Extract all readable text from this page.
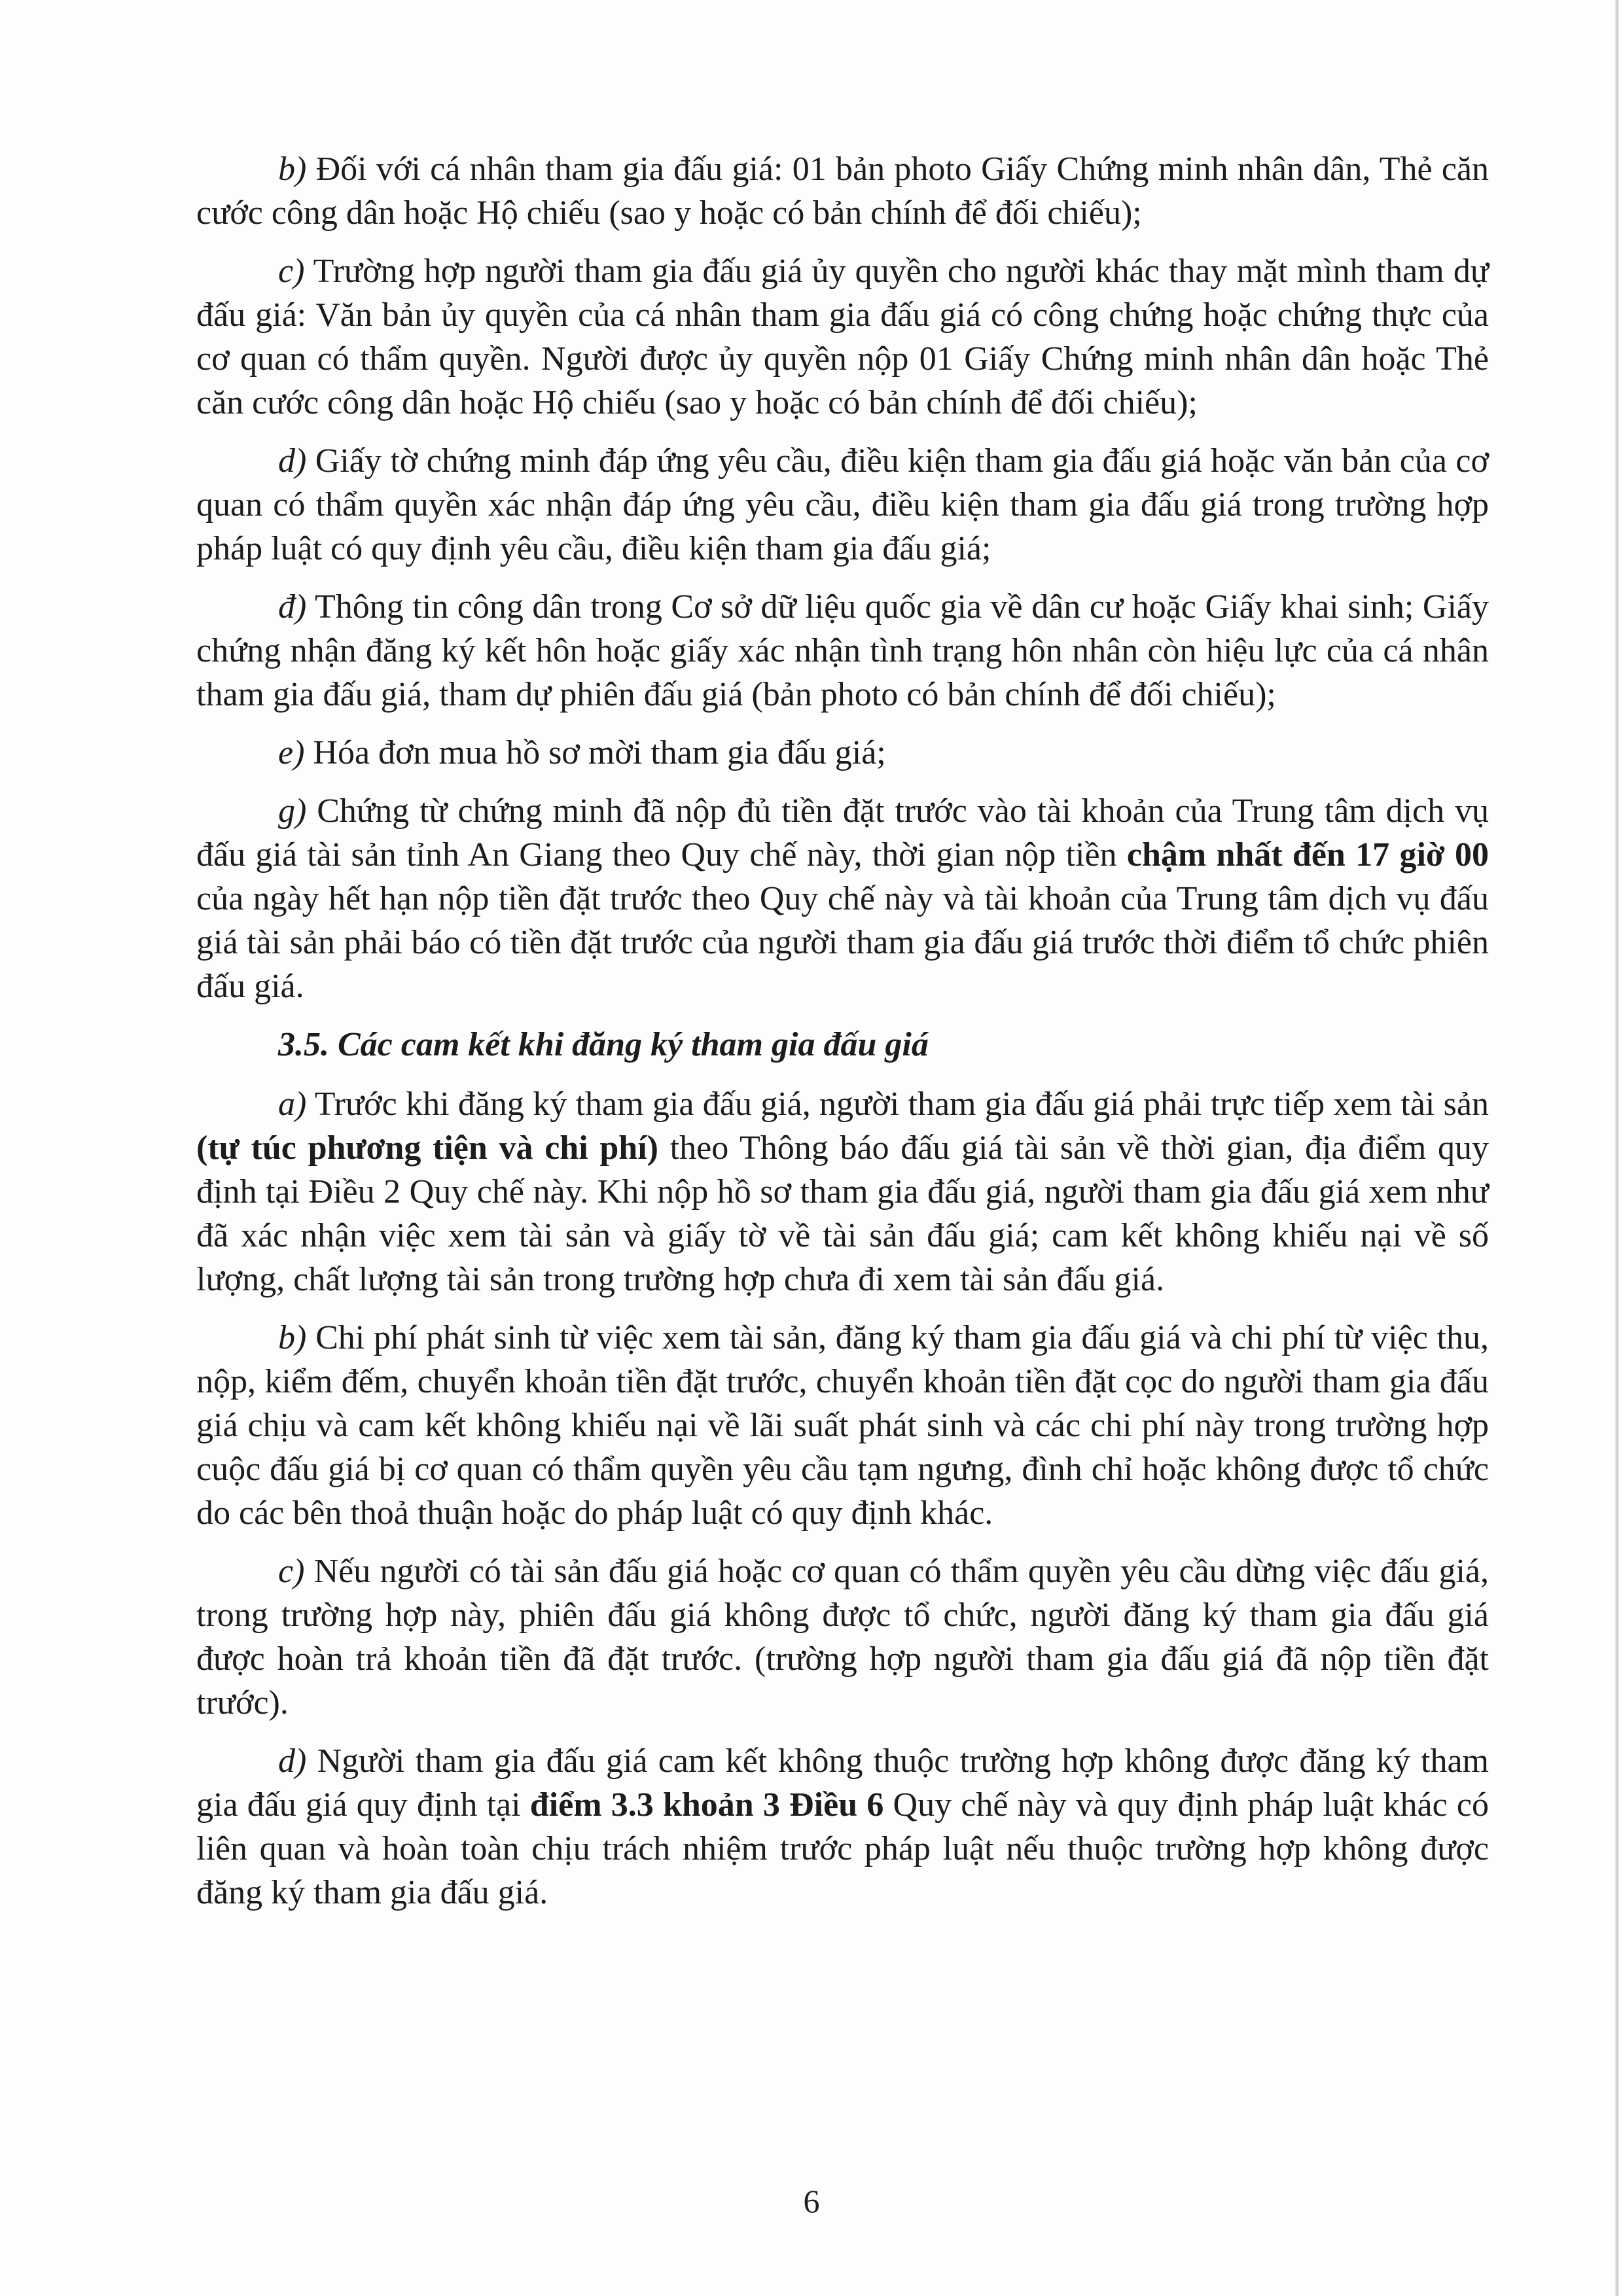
b) Đối với cá nhân tham gia đấu giá: 01 bản photo Giấy Chứng minh nhân dân, Thẻ căn cước công dân hoặc Hộ chiếu (sao y hoặc có bản chính để đối chiếu);

c) Trường hợp người tham gia đấu giá ủy quyền cho người khác thay mặt mình tham dự đấu giá: Văn bản ủy quyền của cá nhân tham gia đấu giá có công chứng hoặc chứng thực của cơ quan có thẩm quyền. Người được ủy quyền nộp 01 Giấy Chứng minh nhân dân hoặc Thẻ căn cước công dân hoặc Hộ chiếu (sao y hoặc có bản chính để đối chiếu);

d) Giấy tờ chứng minh đáp ứng yêu cầu, điều kiện tham gia đấu giá hoặc văn bản của cơ quan có thẩm quyền xác nhận đáp ứng yêu cầu, điều kiện tham gia đấu giá trong trường hợp pháp luật có quy định yêu cầu, điều kiện tham gia đấu giá;

đ) Thông tin công dân trong Cơ sở dữ liệu quốc gia về dân cư hoặc Giấy khai sinh; Giấy chứng nhận đăng ký kết hôn hoặc giấy xác nhận tình trạng hôn nhân còn hiệu lực của cá nhân tham gia đấu giá, tham dự phiên đấu giá (bản photo có bản chính để đối chiếu);

e) Hóa đơn mua hồ sơ mời tham gia đấu giá;

g) Chứng từ chứng minh đã nộp đủ tiền đặt trước vào tài khoản của Trung tâm dịch vụ đấu giá tài sản tỉnh An Giang theo Quy chế này, thời gian nộp tiền chậm nhất đến 17 giờ 00 của ngày hết hạn nộp tiền đặt trước theo Quy chế này và tài khoản của Trung tâm dịch vụ đấu giá tài sản phải báo có tiền đặt trước của người tham gia đấu giá trước thời điểm tổ chức phiên đấu giá.

3.5. Các cam kết khi đăng ký tham gia đấu giá

a) Trước khi đăng ký tham gia đấu giá, người tham gia đấu giá phải trực tiếp xem tài sản (tự túc phương tiện và chi phí) theo Thông báo đấu giá tài sản về thời gian, địa điểm quy định tại Điều 2 Quy chế này. Khi nộp hồ sơ tham gia đấu giá, người tham gia đấu giá xem như đã xác nhận việc xem tài sản và giấy tờ về tài sản đấu giá; cam kết không khiếu nại về số lượng, chất lượng tài sản trong trường hợp chưa đi xem tài sản đấu giá.

b) Chi phí phát sinh từ việc xem tài sản, đăng ký tham gia đấu giá và chi phí từ việc thu, nộp, kiểm đếm, chuyển khoản tiền đặt trước, chuyển khoản tiền đặt cọc do người tham gia đấu giá chịu và cam kết không khiếu nại về lãi suất phát sinh và các chi phí này trong trường hợp cuộc đấu giá bị cơ quan có thẩm quyền yêu cầu tạm ngưng, đình chỉ hoặc không được tổ chức do các bên thoả thuận hoặc do pháp luật có quy định khác.

c) Nếu người có tài sản đấu giá hoặc cơ quan có thẩm quyền yêu cầu dừng việc đấu giá, trong trường hợp này, phiên đấu giá không được tổ chức, người đăng ký tham gia đấu giá được hoàn trả khoản tiền đã đặt trước. (trường hợp người tham gia đấu giá đã nộp tiền đặt trước).

d) Người tham gia đấu giá cam kết không thuộc trường hợp không được đăng ký tham gia đấu giá quy định tại điểm 3.3 khoản 3 Điều 6 Quy chế này và quy định pháp luật khác có liên quan và hoàn toàn chịu trách nhiệm trước pháp luật nếu thuộc trường hợp không được đăng ký tham gia đấu giá.

6
